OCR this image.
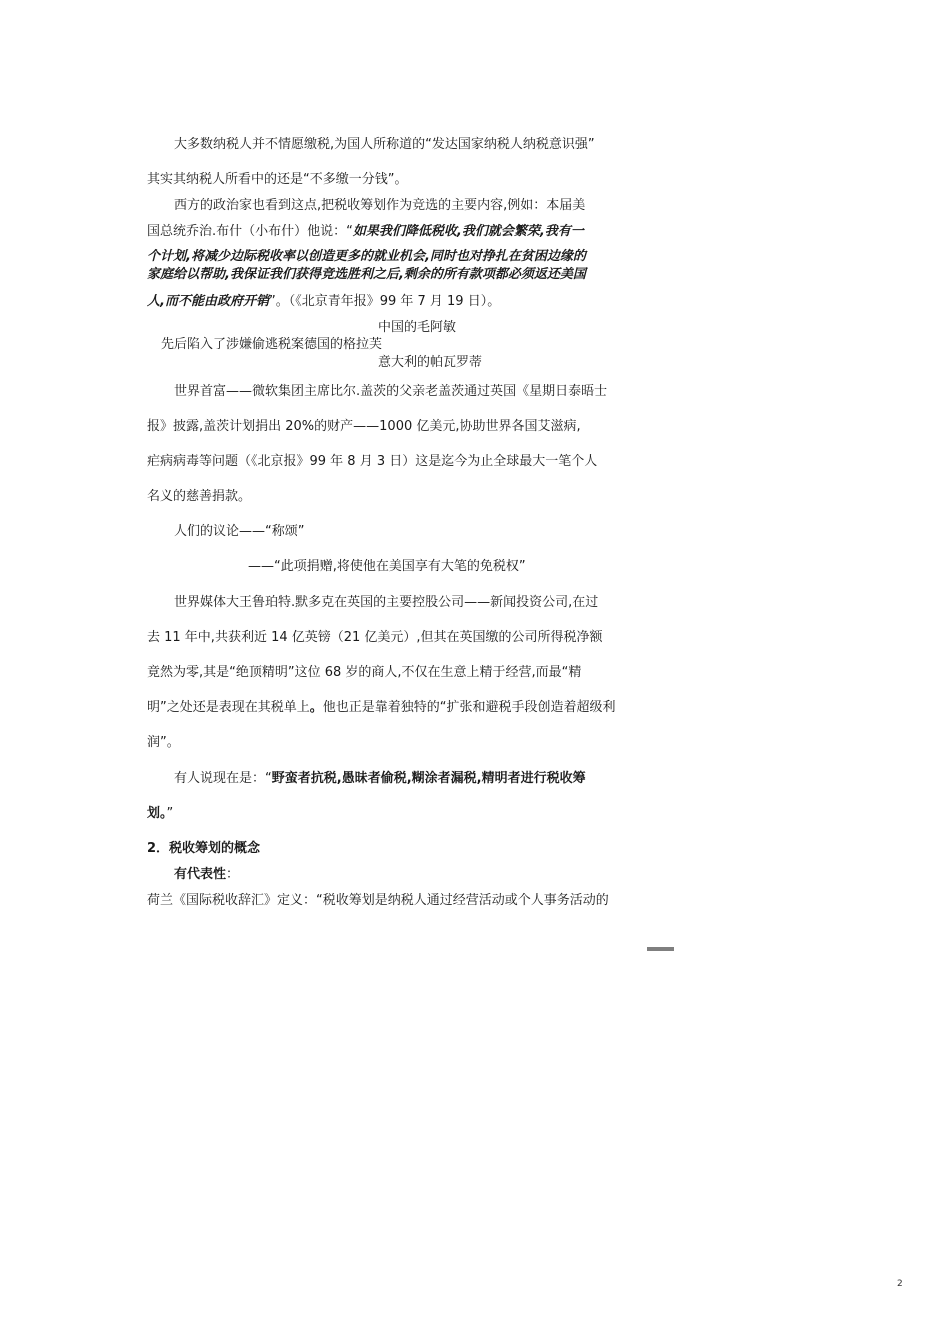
大多数纳税人并不情愿缴税,为国人所称道的“发达国家纳税人纳税意识强”
其实其纳税人所看中的还是“不多缴一分钱”。
西方的政治家也看到这点,把税收筹划作为竞选的主要内容,例如：本届美
国总统乔治.布什（小布什）他说：“如果我们降低税收,我们就会繁荣,我有一
个计划,将减少边际税收率以创造更多的就业机会,同时也对挣扎在贫困边缘的
家庭给以帮助,我保证我们获得竞选胜利之后,剩余的所有款项都必须返还美国
人,而不能由政府开销”。（《北京青年报》99 年 7 月 19 日）。
中国的毛阿敏
先后陷入了涉嫌偷逃税案德国的格拉芙
意大利的帕瓦罗蒂
世界首富——微软集团主席比尔.盖茨的父亲老盖茨通过英国《星期日泰晤士
报》披露,盖茨计划捐出 20%的财产——1000 亿美元,协助世界各国艾滋病,
疟病病毒等问题（《北京报》99 年 8 月 3 日）这是迄今为止全球最大一笔个人
名义的慈善捐款。
人们的议论——“称颂”
——“此项捐赠,将使他在美国享有大笔的免税权”
世界媒体大王鲁珀特.默多克在英国的主要控股公司——新闻投资公司,在过
去 11 年中,共获利近 14 亿英镑（21 亿美元）,但其在英国缴的公司所得税净额
竟然为零,其是“绝顶精明”这位 68 岁的商人,不仅在生意上精于经营,而最“精
明”之处还是表现在其税单上。他也正是靠着独特的“扩张和避税手段创造着超级利
润”。
有人说现在是：“野蛮者抗税,愚昧者偷税,糊涂者漏税,精明者进行税收筹
划。”
2．税收筹划的概念
有代表性：
荷兰《国际税收辞汇》定义：“税收筹划是纳税人通过经营活动或个人事务活动的
2
